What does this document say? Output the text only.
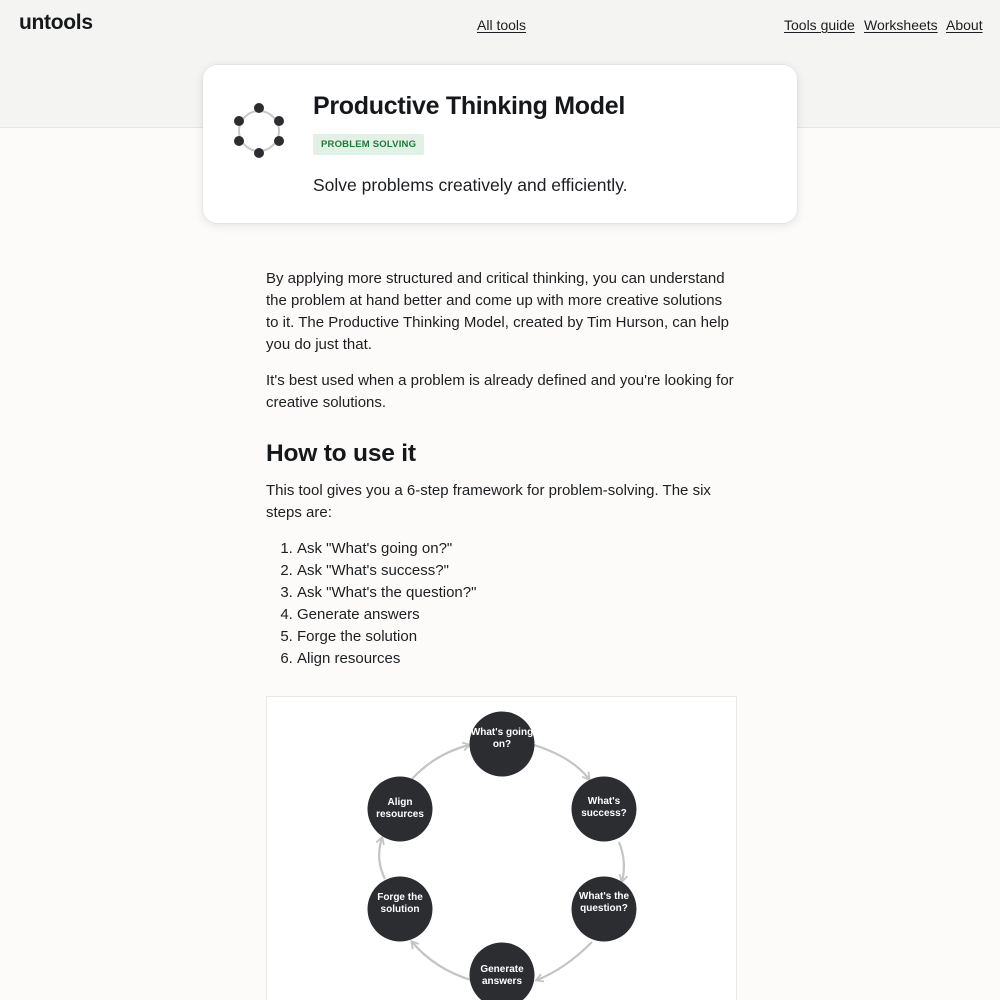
untools	All tools	Tools guide Worksheets About
Productive Thinking Model
PROBLEM SOLVING
Solve problems creatively and efficiently.

By applying more structured and critical thinking, you can understand the problem at hand better and come up with more creative solutions to it. The Productive Thinking Model, created by Tim Hurson, can help you do just that.

It's best used when a problem is already defined and you're looking for creative solutions.

How to use it

This tool gives you a 6-step framework for problem-solving. The six steps are:

1. Ask "What's going on?"
2. Ask "What's success?"
3. Ask "What's the question?"
4. Generate answers
5. Forge the solution
6. Align resources
What's going on?
What's success?
What's the question?
Generate answers
Forge the solution
Align resources
